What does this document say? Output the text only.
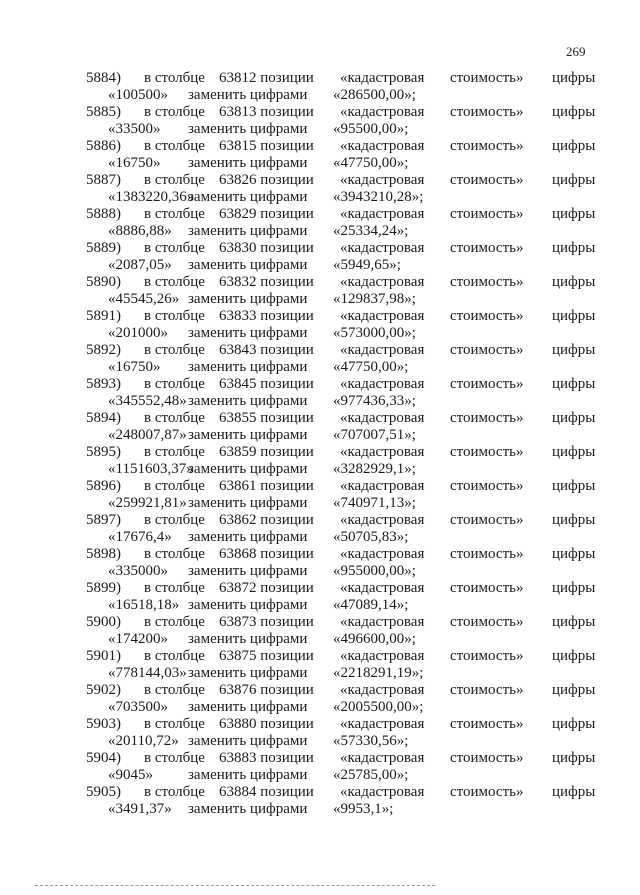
269
5884) в столбце 63812 позиции «кадастровая стоимость» цифры
«100500» заменить цифрами «286500,00»;
5885) в столбце 63813 позиции «кадастровая стоимость» цифры
«33500» заменить цифрами «95500,00»;
5886) в столбце 63815 позиции «кадастровая стоимость» цифры
«16750» заменить цифрами «47750,00»;
5887) в столбце 63826 позиции «кадастровая стоимость» цифры
«1383220,36»
заменить цифрами «3943210,28»;
5888) в столбце 63829 позиции «кадастровая стоимость» цифры
«8886,88» заменить цифрами «25334,24»;
5889) в столбце 63830 позиции «кадастровая стоимость» цифры
«2087,05» заменить цифрами «5949,65»;
5890) в столбце 63832 позиции «кадастровая стоимость» цифры
«45545,26» заменить цифрами «129837,98»;
5891) в столбце 63833 позиции «кадастровая стоимость» цифры
«201000» заменить цифрами «573000,00»;
5892) в столбце 63843 позиции «кадастровая стоимость» цифры
«16750» заменить цифрами «47750,00»;
5893) в столбце 63845 позиции «кадастровая стоимость» цифры
«345552,48» заменить цифрами «977436,33»;
5894) в столбце 63855 позиции «кадастровая стоимость» цифры
«248007,87» заменить цифрами «707007,51»;
5895) в столбце 63859 позиции «кадастровая стоимость» цифры
«1151603,37»
заменить цифрами «3282929,1»;
5896) в столбце 63861 позиции «кадастровая стоимость» цифры
«259921,81» заменить цифрами «740971,13»;
5897) в столбце 63862 позиции «кадастровая стоимость» цифры
«17676,4» заменить цифрами «50705,83»;
5898) в столбце 63868 позиции «кадастровая стоимость» цифры
«335000» заменить цифрами «955000,00»;
5899) в столбце 63872 позиции «кадастровая стоимость» цифры
«16518,18» заменить цифрами «47089,14»;
5900) в столбце 63873 позиции «кадастровая стоимость» цифры
«174200» заменить цифрами «496600,00»;
5901) в столбце 63875 позиции «кадастровая стоимость» цифры
«778144,03» заменить цифрами «2218291,19»;
5902) в столбце 63876 позиции «кадастровая стоимость» цифры
«703500» заменить цифрами «2005500,00»;
5903) в столбце 63880 позиции «кадастровая стоимость» цифры
«20110,72» заменить цифрами «57330,56»;
5904) в столбце 63883 позиции «кадастровая стоимость» цифры
«9045» заменить цифрами «25785,00»;
5905) в столбце 63884 позиции «кадастровая стоимость» цифры
«3491,37» заменить цифрами «9953,1»;
